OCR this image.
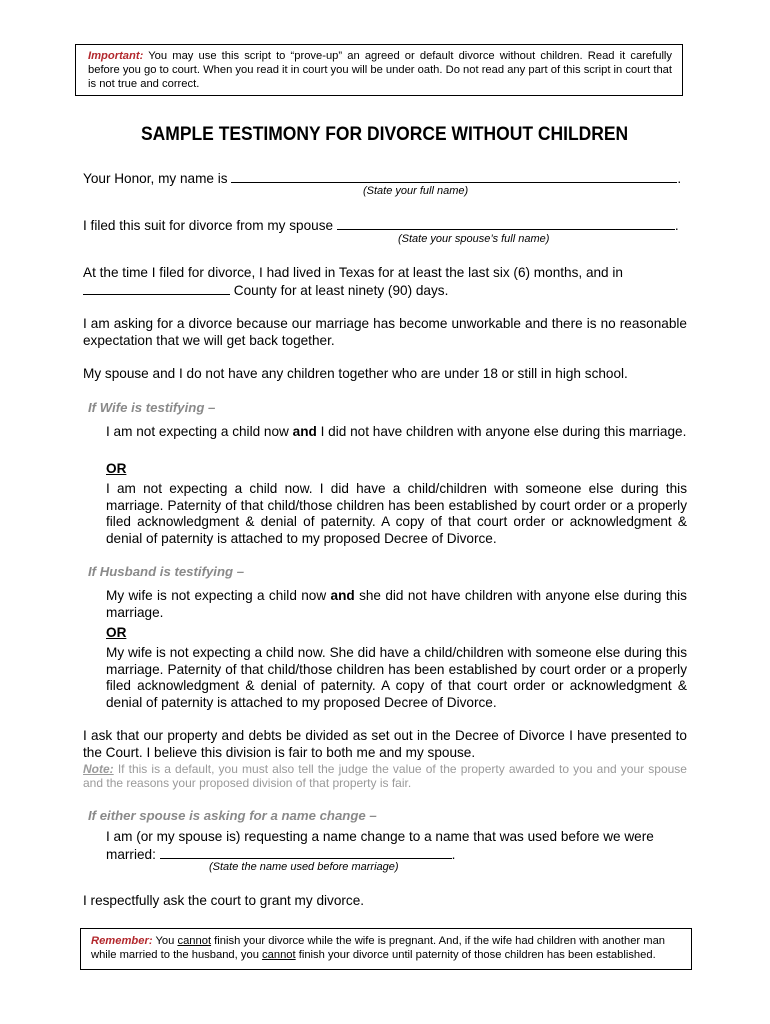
Important: You may use this script to “prove-up” an agreed or default divorce without children. Read it carefully before you go to court. When you read it in court you will be under oath. Do not read any part of this script in court that is not true and correct.
SAMPLE TESTIMONY FOR DIVORCE WITHOUT CHILDREN
Your Honor, my name is	.
(State your full name)
I filed this suit for divorce from my spouse	.
(State your spouse’s full name)
At the time I filed for divorce, I had lived in Texas for at least the last six (6) months, and in
County for at least ninety (90) days.
I am asking for a divorce because our marriage has become unworkable and there is no reasonable expectation that we will get back together.
My spouse and I do not have any children together who are under 18 or still in high school.
If Wife is testifying –
I am not expecting a child now and I did not have children with anyone else during this marriage.
OR
I am not expecting a child now. I did have a child/children with someone else during this marriage. Paternity of that child/those children has been established by court order or a properly filed acknowledgment & denial of paternity. A copy of that court order or acknowledgment & denial of paternity is attached to my proposed Decree of Divorce.
If Husband is testifying –
My wife is not expecting a child now and she did not have children with anyone else during this marriage.
OR
My wife is not expecting a child now. She did have a child/children with someone else during this marriage. Paternity of that child/those children has been established by court order or a properly filed acknowledgment & denial of paternity. A copy of that court order or acknowledgment & denial of paternity is attached to my proposed Decree of Divorce.
I ask that our property and debts be divided as set out in the Decree of Divorce I have presented to the Court. I believe this division is fair to both me and my spouse.
Note: If this is a default, you must also tell the judge the value of the property awarded to you and your spouse and the reasons your proposed division of that property is fair.
If either spouse is asking for a name change –
I am (or my spouse is) requesting a name change to a name that was used before we were married:	.
(State the name used before marriage)
I respectfully ask the court to grant my divorce.
Remember: You cannot finish your divorce while the wife is pregnant. And, if the wife had children with another man while married to the husband, you cannot finish your divorce until paternity of those children has been established.
